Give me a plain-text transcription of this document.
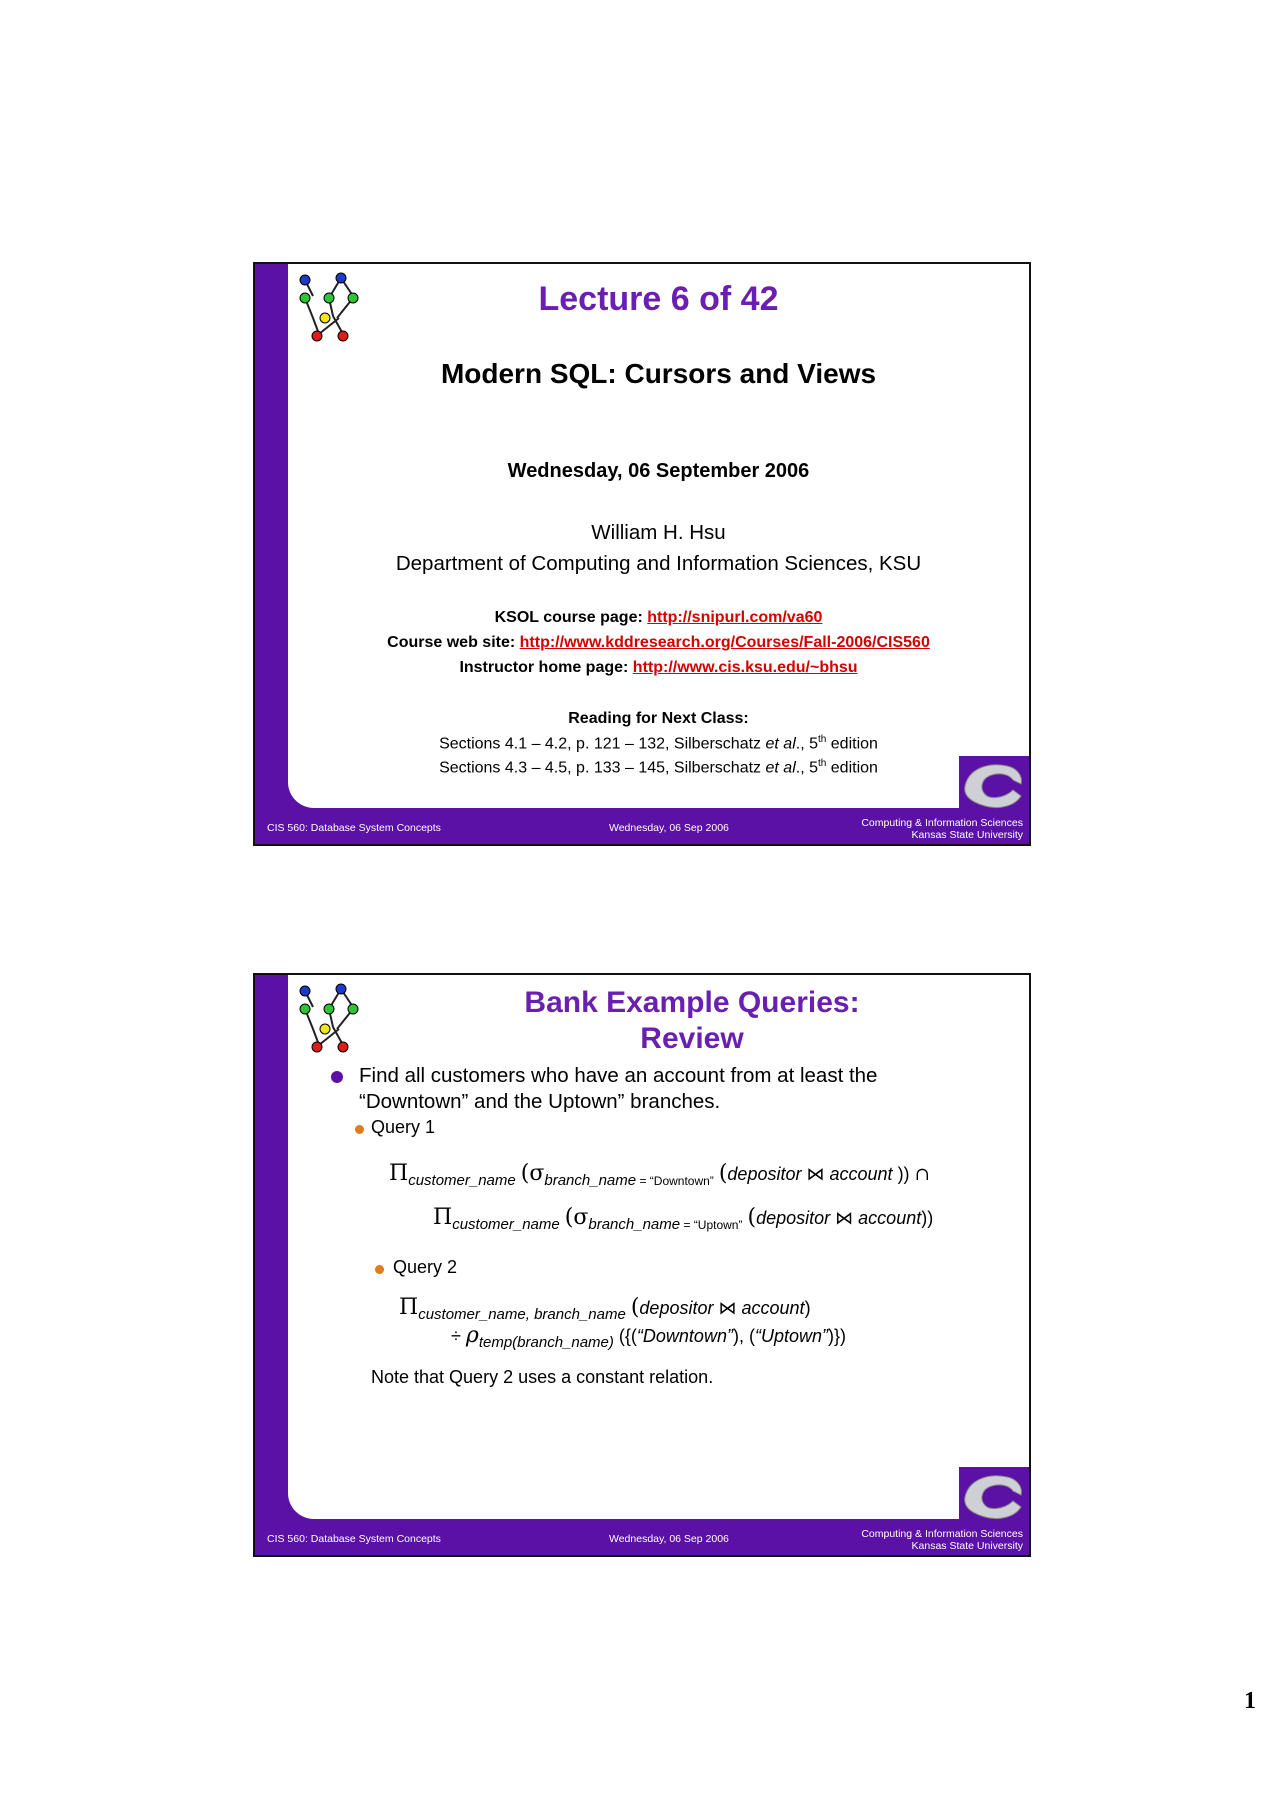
Lecture 6 of 42
Modern SQL: Cursors and Views
Wednesday, 06 September 2006
William H. Hsu
Department of Computing and Information Sciences, KSU
KSOL course page: http://snipurl.com/va60
Course web site: http://www.kddresearch.org/Courses/Fall-2006/CIS560
Instructor home page: http://www.cis.ksu.edu/~bhsu
Reading for Next Class:
Sections 4.1 – 4.2, p. 121 – 132, Silberschatz et al., 5th edition
Sections 4.3 – 4.5, p. 133 – 145, Silberschatz et al., 5th edition
CIS 560: Database System Concepts	Wednesday, 06 Sep 2006	Computing & Information Sciences
Kansas State University
Bank Example Queries:
Review
Find all customers who have an account from at least the “Downtown” and the Uptown” branches.
Query 1
$\Pi_{customer\_name}$ ($\sigma_{branch\_name}$ $_{= “Downtown”}$ (depositor ⋈ account )) ∩
$\Pi_{customer\_name}$ ($\sigma_{branch\_name}$ $_{= “Uptown”}$ (depositor ⋈ account))
Query 2
$\Pi_{customer\_name, branch\_name}$ (depositor ⋈ account)
÷ $\rho_{temp(branch\_name)}$ ({(“Downtown”), (“Uptown”)})
Note that Query 2 uses a constant relation.
CIS 560: Database System Concepts	Wednesday, 06 Sep 2006	Computing & Information Sciences
Kansas State University
1
